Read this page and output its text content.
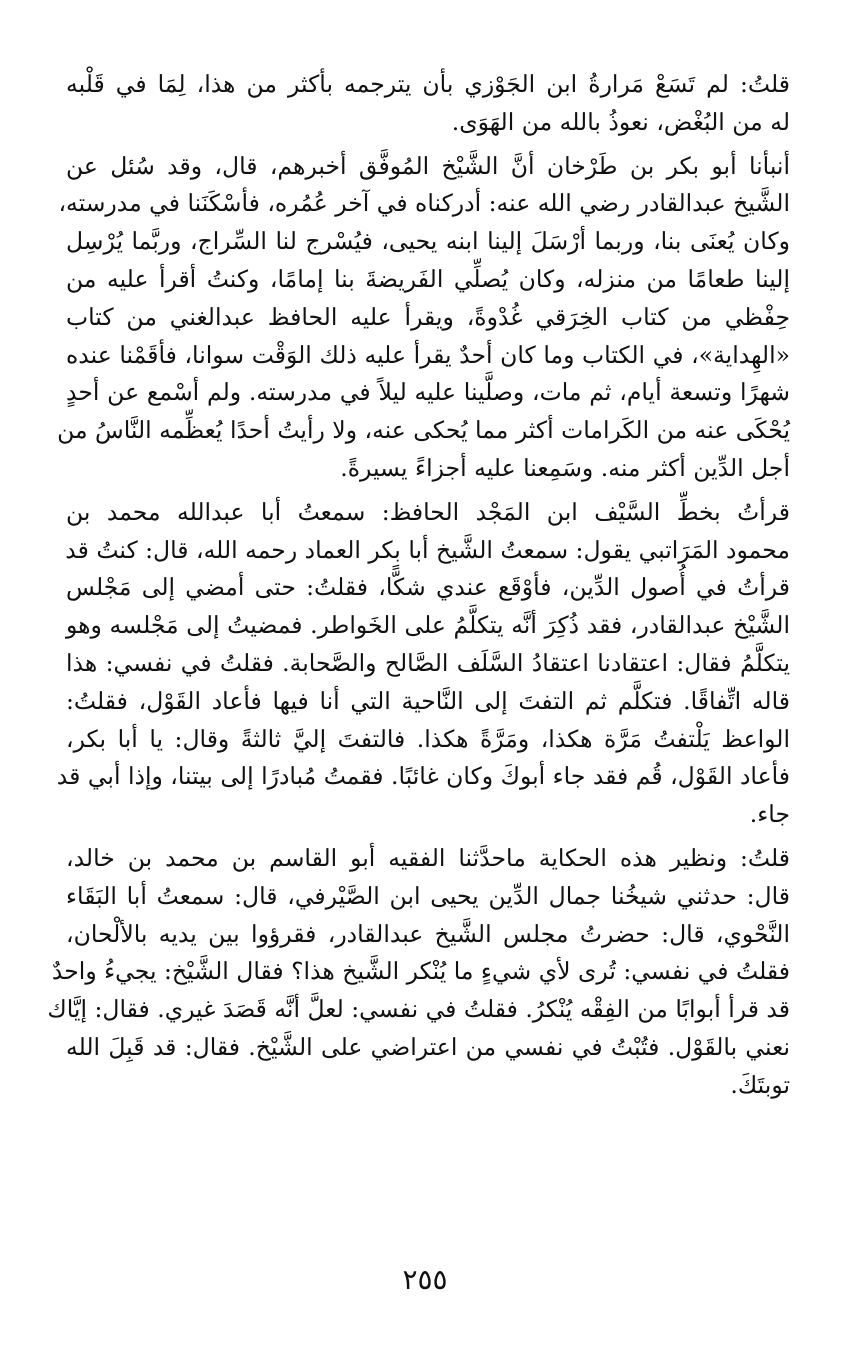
قلتُ: لم تَسَعْ مَرارةُ ابن الجَوْزي بأن يترجمه بأكثر من هذا، لِمَا في قَلْبه
له من البُغْض، نعوذُ بالله من الهَوَى.
أنبأنا أبو بكر بن طَرْخان أنَّ الشَّيْخ المُوفَّق أخبرهم، قال، وقد سُئل عن
الشَّيخ عبدالقادر رضي الله عنه: أدركناه في آخر عُمُره، فأسْكَنَنا في مدرسته،
وكان يُعنَى بنا، وربما أرْسَلَ إلينا ابنه يحيى، فيُسْرج لنا السِّراج، وربَّما يُرْسِل
إلينا طعامًا من منزله، وكان يُصلِّي الفَريضةَ بنا إمامًا، وكنتُ أقرأ عليه من
حِفْظي من كتاب الخِرَقي غُدْوةً، ويقرأ عليه الحافظ عبدالغني من كتاب
«الهِداية»، في الكتاب وما كان أحدٌ يقرأ عليه ذلك الوَقْت سوانا، فأقَمْنا عنده
شهرًا وتسعة أيام، ثم مات، وصلَّينا عليه ليلاً في مدرسته. ولم أسْمع عن أحدٍ
يُحْكَى عنه من الكَرامات أكثر مما يُحكى عنه، ولا رأيتُ أحدًا يُعظِّمه النَّاسُ من
أجل الدِّين أكثر منه. وسَمِعنا عليه أجزاءً يسيرةً.
قرأتُ بخطِّ السَّيْف ابن المَجْد الحافظ: سمعتُ أبا عبدالله محمد بن
محمود المَرَاتبي يقول: سمعتُ الشَّيخ أبا بكر العماد رحمه الله، قال: كنتُ قد
قرأتُ في أُصول الدِّين، فأوْقَع عندي شكًّا، فقلتُ: حتى أمضي إلى مَجْلس
الشَّيْخ عبدالقادر، فقد ذُكِرَ أنَّه يتكلَّمُ على الخَواطر. فمضيتُ إلى مَجْلسه وهو
يتكلَّمُ فقال: اعتقادنا اعتقادُ السَّلَف الصَّالح والصَّحابة. فقلتُ في نفسي: هذا
قاله اتِّفاقًا. فتكلَّم ثم التفتَ إلى النَّاحية التي أنا فيها فأعاد القَوْل، فقلتُ:
الواعظ يَلْتفتُ مَرَّة هكذا، ومَرَّةً هكذا. فالتفتَ إليَّ ثالثةً وقال: يا أبا بكر،
فأعاد القَوْل، قُم فقد جاء أبوكَ وكان غائبًا. فقمتُ مُبادرًا إلى بيتنا، وإذا أبي قد
جاء.
قلتُ: ونظير هذه الحكاية ماحدَّثنا الفقيه أبو القاسم بن محمد بن خالد،
قال: حدثني شيخُنا جمال الدِّين يحيى ابن الصَّيْرفي، قال: سمعتُ أبا البَقَاء
النَّحْوي، قال: حضرتُ مجلس الشَّيخ عبدالقادر، فقرؤوا بين يديه بالألْحان،
فقلتُ في نفسي: تُرى لأي شيءٍ ما يُنْكر الشَّيخ هذا؟ فقال الشَّيْخ: يجيءُ واحدٌ
قد قرأ أبوابًا من الفِقْه يُنْكرُ. فقلتُ في نفسي: لعلَّ أنَّه قَصَدَ غيري. فقال: إيَّاك
نعني بالقَوْل. فتُبْتُ في نفسي من اعتراضي على الشَّيْخ. فقال: قد قَبِلَ الله
توبتَكَ.
٢٥٥
